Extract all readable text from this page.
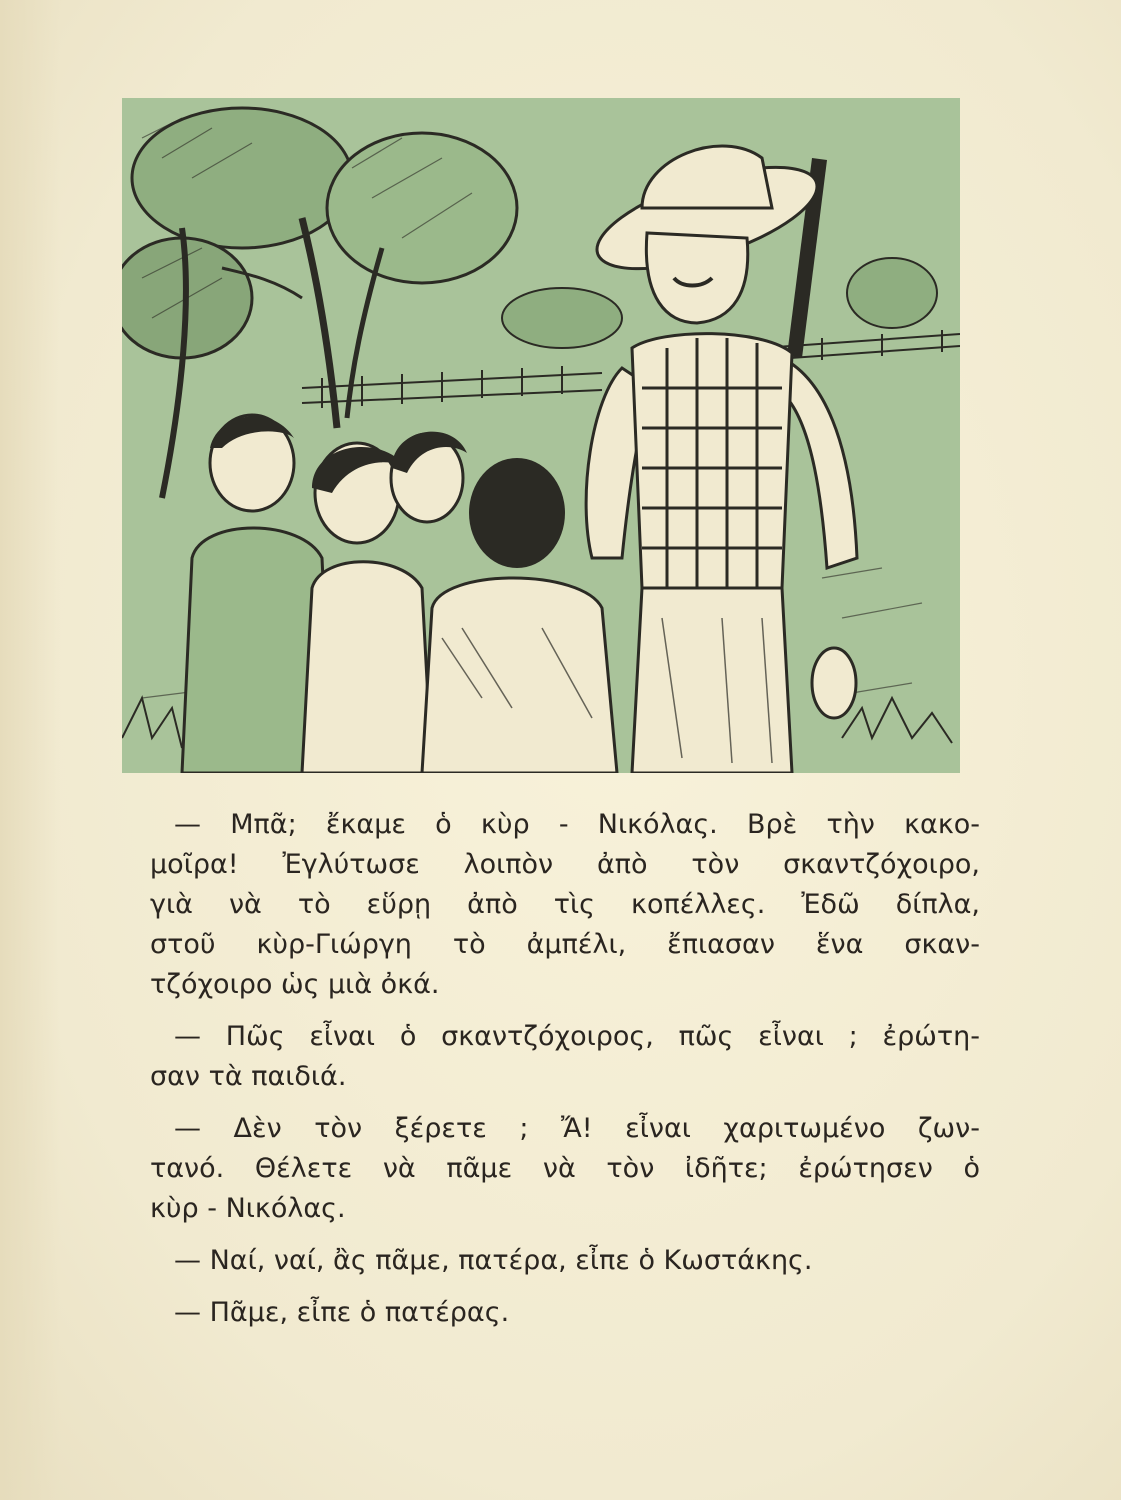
— Μπᾶ; ἔκαμε ὁ κὺρ - Νικόλας. Βρὲ τὴν κακο-
μοῖρα! Ἐγλύτωσε λοιπὸν ἀπὸ τὸν σκαντζόχοιρο,
γιὰ νὰ τὸ εὕρῃ ἀπὸ τὶς κοπέλλες. Ἐδῶ δίπλα,
στοῦ κὺρ-Γιώργη τὸ ἀμπέλι, ἔπιασαν ἕνα σκαν-
τζόχοιρο ὡς μιὰ ὀκά.

— Πῶς εἶναι ὁ σκαντζόχοιρος, πῶς εἶναι ; ἐρώτη-
σαν τὰ παιδιά.

— Δὲν τὸν ξέρετε ; Ἄ! εἶναι χαριτωμένο ζων-
τανό. Θέλετε νὰ πᾶμε νὰ τὸν ἰδῆτε; ἐρώτησεν ὁ
κὺρ - Νικόλας.

— Ναί, ναί, ἂς πᾶμε, πατέρα, εἶπε ὁ Κωστάκης.

— Πᾶμε, εἶπε ὁ πατέρας.
